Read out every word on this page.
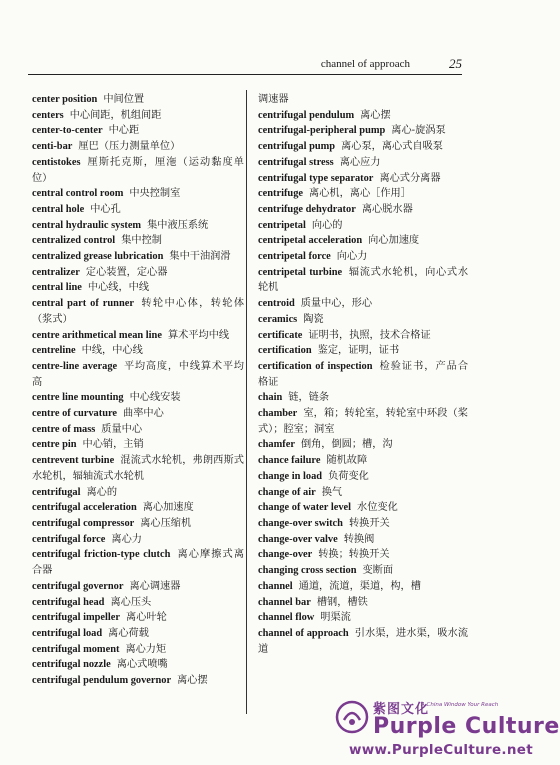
channel of approach	25
center position 中间位置
centers 中心间距，机组间距
center-to-center 中心距
centi-bar 厘巴（压力测量单位）
centistokes 厘斯托克斯，厘沲（运动黏度单位）
central control room 中央控制室
central hole 中心孔
central hydraulic system 集中液压系统
centralized control 集中控制
centralized grease lubrication 集中干油润滑
centralizer 定心装置，定心器
central line 中心线，中线
central part of runner 转轮中心体，转轮体（浆式）
centre arithmetical mean line 算术平均中线
centreline 中线，中心线
centre-line average 平均高度，中线算术平均高
centre line mounting 中心线安装
centre of curvature 曲率中心
centre of mass 质量中心
centre pin 中心销，主销
centrevent turbine 混流式水轮机，弗朗西斯式水轮机，辐轴流式水轮机
centrifugal 离心的
centrifugal acceleration 离心加速度
centrifugal compressor 离心压缩机
centrifugal force 离心力
centrifugal friction-type clutch 离心摩擦式离合器
centrifugal governor 离心调速器
centrifugal head 离心压头
centrifugal impeller 离心叶轮
centrifugal load 离心荷载
centrifugal moment 离心力矩
centrifugal nozzle 离心式喷嘴
centrifugal pendulum governor 离心摆
调速器
centrifugal pendulum 离心摆
centrifugal-peripheral pump 离心-旋涡泵
centrifugal pump 离心泵，离心式自吸泵
centrifugal stress 离心应力
centrifugal type separator 离心式分离器
centrifuge 离心机，离心［作用］
centrifuge dehydrator 离心脱水器
centripetal 向心的
centripetal acceleration 向心加速度
centripetal force 向心力
centripetal turbine 辐流式水轮机，向心式水轮机
centroid 质量中心，形心
ceramics 陶瓷
certificate 证明书，执照，技术合格证
certification 鉴定，证明，证书
certification of inspection 检验证书，产品合格证
chain 链，链条
chamber 室，箱；转轮室，转轮室中环段（桨式）；腔室；洞室
chamfer 倒角，倒圆；槽，沟
chance failure 随机故障
change in load 负荷变化
change of air 换气
change of water level 水位变化
change-over switch 转换开关
change-over valve 转换阀
change-over 转换；转换开关
changing cross section 变断面
channel 通道，流道，渠道，构，槽
channel bar 槽钢，槽铁
channel flow 明渠流
channel of approach 引水渠，进水渠，吸水流道
紫图文化
A China Window Your Reach
Purple Culture
www.PurpleCulture.net
